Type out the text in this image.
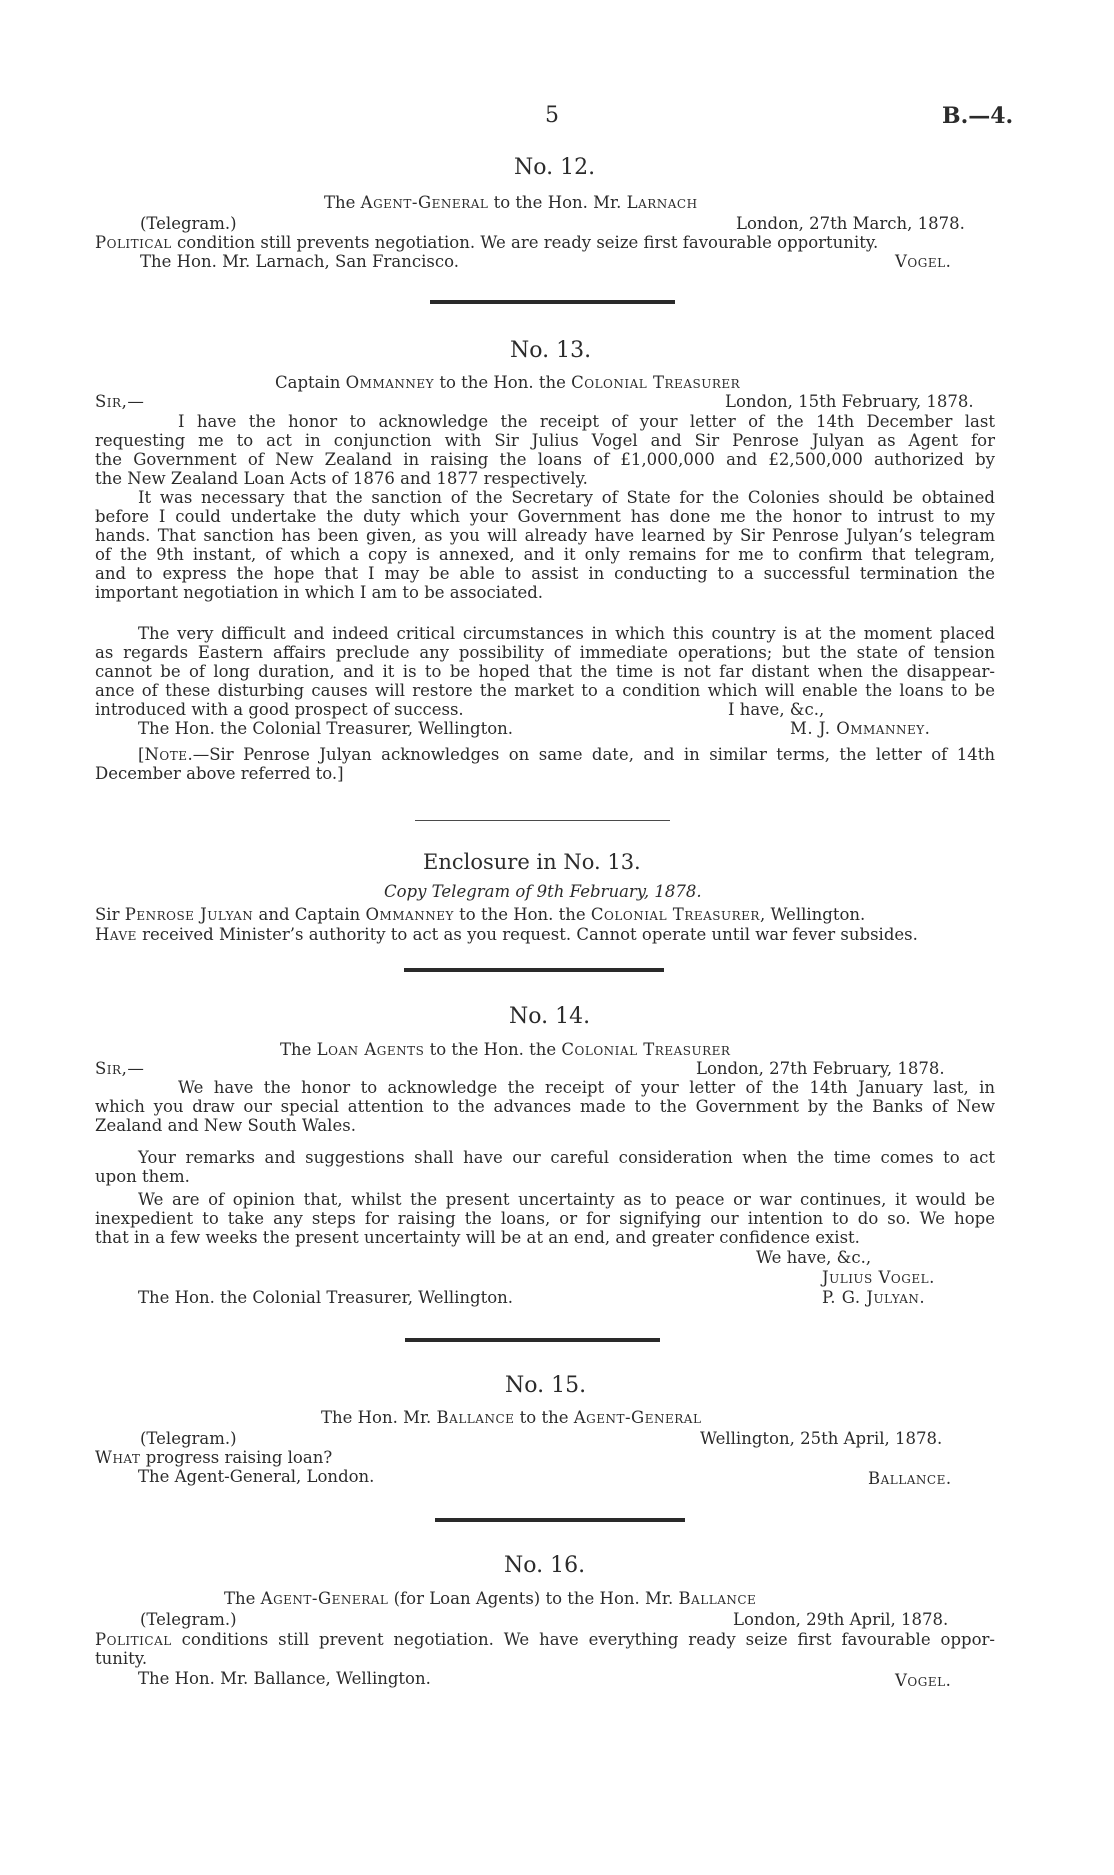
5	B.—4.
No. 12.
The Agent-General to the Hon. Mr. Larnach
(Telegram.)	London, 27th March, 1878.
Political condition still prevents negotiation. We are ready seize first favourable opportunity.
The Hon. Mr. Larnach, San Francisco.	Vogel.
No. 13.
Captain Ommanney to the Hon. the Colonial Treasurer
Sir,—	London, 15th February, 1878.
I have the honor to acknowledge the receipt of your letter of the 14th December last
requesting me to act in conjunction with Sir Julius Vogel and Sir Penrose Julyan as Agent for
the Government of New Zealand in raising the loans of £1,000,000 and £2,500,000 authorized by
the New Zealand Loan Acts of 1876 and 1877 respectively.
It was necessary that the sanction of the Secretary of State for the Colonies should be obtained
before I could undertake the duty which your Government has done me the honor to intrust to my
hands. That sanction has been given, as you will already have learned by Sir Penrose Julyan’s telegram
of the 9th instant, of which a copy is annexed, and it only remains for me to confirm that telegram,
and to express the hope that I may be able to assist in conducting to a successful termination the
important negotiation in which I am to be associated.
The very difficult and indeed critical circumstances in which this country is at the moment placed
as regards Eastern affairs preclude any possibility of immediate operations; but the state of tension
cannot be of long duration, and it is to be hoped that the time is not far distant when the disappear-
ance of these disturbing causes will restore the market to a condition which will enable the loans to be
introduced with a good prospect of success.	I have, &c.,
The Hon. the Colonial Treasurer, Wellington.	M. J. Ommanney.
[Note.—Sir Penrose Julyan acknowledges on same date, and in similar terms, the letter of 14th
December above referred to.]
Enclosure in No. 13.
Copy Telegram of 9th February, 1878.
Sir Penrose Julyan and Captain Ommanney to the Hon. the Colonial Treasurer, Wellington.
Have received Minister’s authority to act as you request. Cannot operate until war fever subsides.
No. 14.
The Loan Agents to the Hon. the Colonial Treasurer
Sir,—	London, 27th February, 1878.
We have the honor to acknowledge the receipt of your letter of the 14th January last, in
which you draw our special attention to the advances made to the Government by the Banks of New
Zealand and New South Wales.
Your remarks and suggestions shall have our careful consideration when the time comes to act
upon them.
We are of opinion that, whilst the present uncertainty as to peace or war continues, it would be
inexpedient to take any steps for raising the loans, or for signifying our intention to do so. We hope
that in a few weeks the present uncertainty will be at an end, and greater confidence exist.
We have, &c.,
Julius Vogel.
The Hon. the Colonial Treasurer, Wellington.	P. G. Julyan.
No. 15.
The Hon. Mr. Ballance to the Agent-General
(Telegram.)	Wellington, 25th April, 1878.
What progress raising loan?
The Agent-General, London.	Ballance.
No. 16.
The Agent-General (for Loan Agents) to the Hon. Mr. Ballance
(Telegram.)	London, 29th April, 1878.
Political conditions still prevent negotiation. We have everything ready seize first favourable oppor-
tunity.
The Hon. Mr. Ballance, Wellington.	Vogel.
